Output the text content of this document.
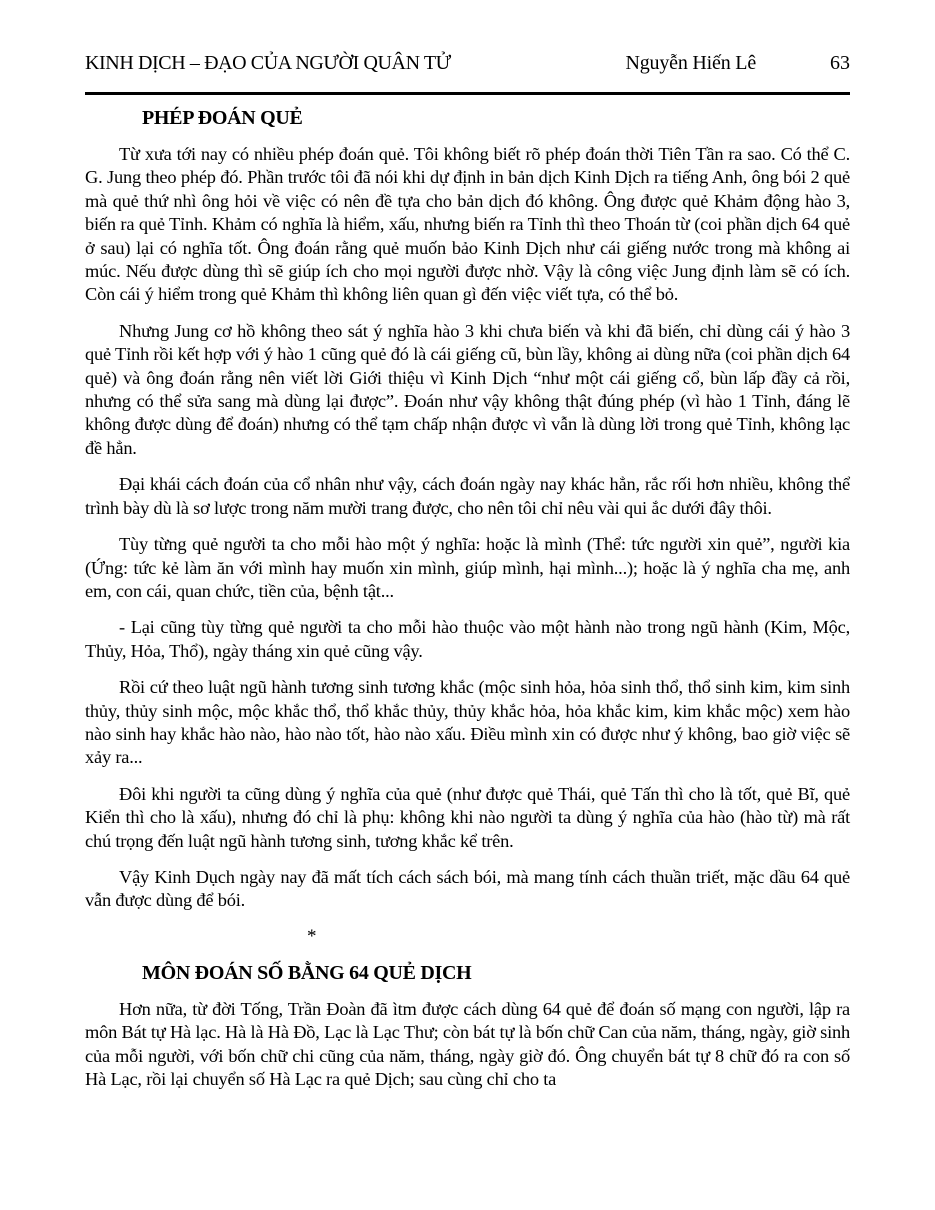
KINH DỊCH – ĐẠO CỦA NGƯỜI QUÂN TỬ	Nguyễn Hiến Lê	63
PHÉP ĐOÁN QUẺ

Từ xưa tới nay có nhiều phép đoán quẻ. Tôi không biết rõ phép đoán thời Tiên Tần ra sao. Có thể C. G. Jung theo phép đó. Phần trước tôi đã nói khi dự định in bản dịch Kinh Dịch ra tiếng Anh, ông bói 2 quẻ mà quẻ thứ nhì ông hỏi về việc có nên đề tựa cho bản dịch đó không. Ông được quẻ Khảm động hào 3, biến ra quẻ Tỉnh. Khảm có nghĩa là hiểm, xấu, nhưng biến ra Tỉnh thì theo Thoán từ (coi phần dịch 64 quẻ ở sau) lại có nghĩa tốt. Ông đoán rằng quẻ muốn bảo Kinh Dịch như cái giếng nước trong mà không ai múc. Nếu được dùng thì sẽ giúp ích cho mọi người được nhờ. Vậy là công việc Jung định làm sẽ có ích. Còn cái ý hiểm trong quẻ Khảm thì không liên quan gì đến việc viết tựa, có thể bỏ.

Nhưng Jung cơ hồ không theo sát ý nghĩa hào 3 khi chưa biến và khi đã biến, chỉ dùng cái ý hào 3 quẻ Tỉnh rồi kết hợp với ý hào 1 cũng quẻ đó là cái giếng cũ, bùn lầy, không ai dùng nữa (coi phần dịch 64 quẻ) và ông đoán rằng nên viết lời Giới thiệu vì Kinh Dịch “như một cái giếng cổ, bùn lấp đầy cả rồi, nhưng có thể sửa sang mà dùng lại được”. Đoán như vậy không thật đúng phép (vì hào 1 Tỉnh, đáng lẽ không được dùng để đoán) nhưng có thể tạm chấp nhận được vì vẫn là dùng lời trong quẻ Tỉnh, không lạc đề hẳn.

Đại khái cách đoán của cổ nhân như vậy, cách đoán ngày nay khác hẳn, rắc rối hơn nhiều, không thể trình bày dù là sơ lược trong năm mười trang được, cho nên tôi chỉ nêu vài qui ắc dưới đây thôi.

Tùy từng quẻ người ta cho mỗi hào một ý nghĩa: hoặc là mình (Thể: tức người xin quẻ”, người kia (Ứng: tức kẻ làm ăn với mình hay muốn xin mình, giúp mình, hại mình...); hoặc là ý nghĩa cha mẹ, anh em, con cái, quan chức, tiền của, bệnh tật...

- Lại cũng tùy từng quẻ người ta cho mỗi hào thuộc vào một hành nào trong ngũ hành (Kim, Mộc, Thủy, Hỏa, Thổ), ngày tháng xin quẻ cũng vậy.

Rồi cứ theo luật ngũ hành tương sinh tương khắc (mộc sinh hỏa, hỏa sinh thổ, thổ sinh kim, kim sinh thủy, thủy sinh mộc, mộc khắc thổ, thổ khắc thủy, thủy khắc hỏa, hỏa khắc kim, kim khắc mộc) xem hào nào sinh hay khắc hào nào, hào nào tốt, hào nào xấu. Điều mình xin có được như ý không, bao giờ việc sẽ xảy ra...

Đôi khi người ta cũng dùng ý nghĩa của quẻ (như được quẻ Thái, quẻ Tấn thì cho là tốt, quẻ Bĩ, quẻ Kiển thì cho là xấu), nhưng đó chỉ là phụ: không khi nào người ta dùng ý nghĩa của hào (hào từ) mà rất chú trọng đến luật ngũ hành tương sinh, tương khắc kể trên.

Vậy Kinh Dụch ngày nay đã mất tích cách sách bói, mà mang tính cách thuần triết, mặc dầu 64 quẻ vẫn được dùng để bói.

*
MÔN ĐOÁN SỐ BẰNG 64 QUẺ DỊCH

Hơn nữa, từ đời Tống, Trần Đoàn đã ìtm được cách dùng 64 quẻ để đoán số mạng con người, lập ra môn Bát tự Hà lạc. Hà là Hà Đồ, Lạc là Lạc Thư; còn bát tự là bốn chữ Can của năm, tháng, ngày, giờ sinh của mỗi người, với bốn chữ chi cũng của năm, tháng, ngày giờ đó. Ông chuyển bát tự 8 chữ đó ra con số Hà Lạc, rồi lại chuyển số Hà Lạc ra quẻ Dịch; sau cùng chỉ cho ta
